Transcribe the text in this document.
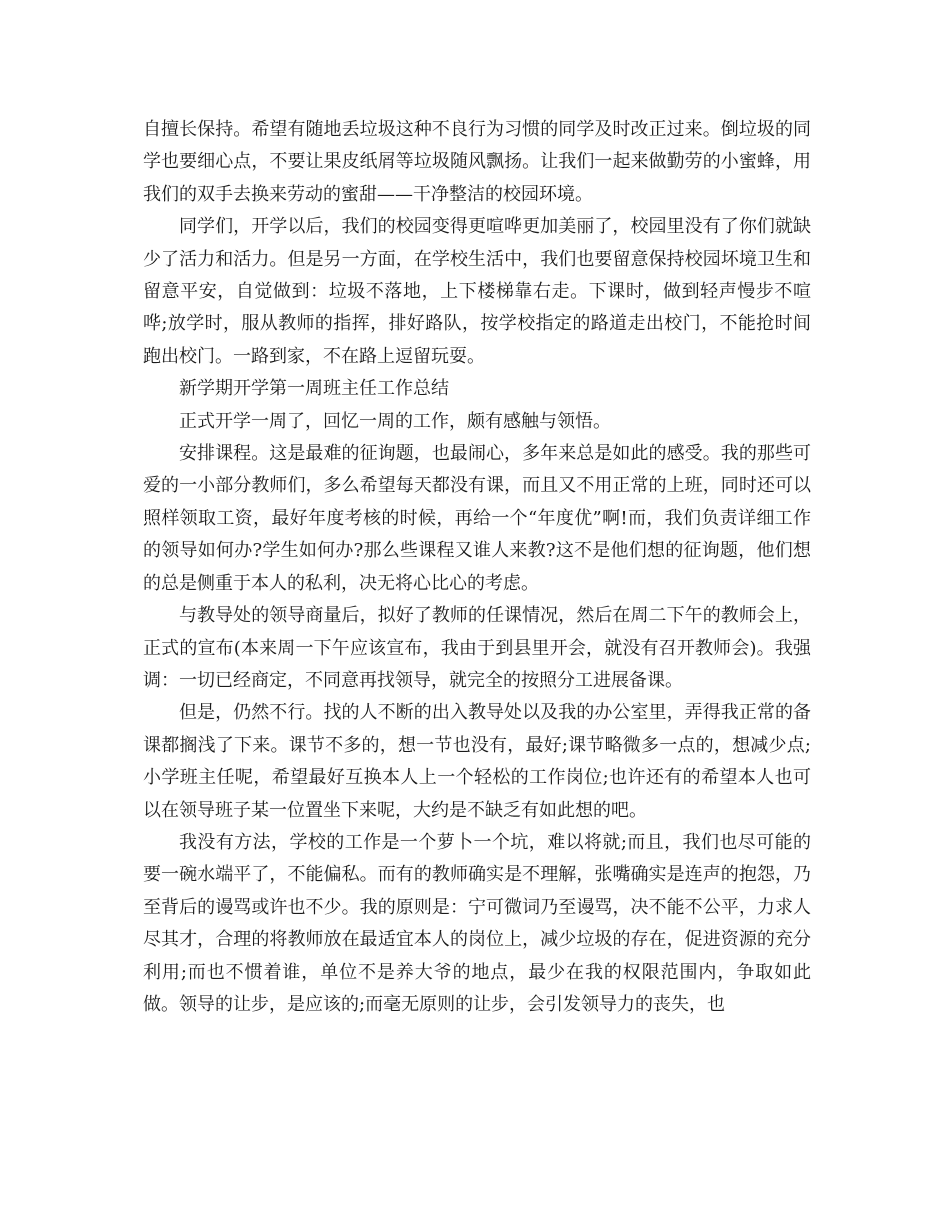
自擅长保持。希望有随地丢垃圾这种不良行为习惯的同学及时改正过来。倒垃圾的同学也要细心点，不要让果皮纸屑等垃圾随风飘扬。让我们一起来做勤劳的小蜜蜂，用我们的双手去换来劳动的蜜甜——干净整洁的校园环境。

同学们，开学以后，我们的校园变得更喧哗更加美丽了，校园里没有了你们就缺少了活力和活力。但是另一方面，在学校生活中，我们也要留意保持校园坏境卫生和留意平安，自觉做到：垃圾不落地，上下楼梯靠右走。下课时，做到轻声慢步不喧哗;放学时，服从教师的指挥，排好路队，按学校指定的路道走出校门，不能抢时间跑出校门。一路到家，不在路上逗留玩耍。

新学期开学第一周班主任工作总结

正式开学一周了，回忆一周的工作，颇有感触与领悟。

安排课程。这是最难的征询题，也最闹心，多年来总是如此的感受。我的那些可爱的一小部分教师们，多么希望每天都没有课，而且又不用正常的上班，同时还可以照样领取工资，最好年度考核的时候，再给一个“年度优”啊!而，我们负责详细工作的领导如何办?学生如何办?那么些课程又谁人来教?这不是他们想的征询题，他们想的总是侧重于本人的私利，决无将心比心的考虑。

与教导处的领导商量后，拟好了教师的任课情况，然后在周二下午的教师会上，正式的宣布(本来周一下午应该宣布，我由于到县里开会，就没有召开教师会)。我强调：一切已经商定，不同意再找领导，就完全的按照分工进展备课。

但是，仍然不行。找的人不断的出入教导处以及我的办公室里，弄得我正常的备课都搁浅了下来。课节不多的，想一节也没有，最好;课节略微多一点的，想减少点;小学班主任呢，希望最好互换本人上一个轻松的工作岗位;也许还有的希望本人也可以在领导班子某一位置坐下来呢，大约是不缺乏有如此想的吧。

我没有方法，学校的工作是一个萝卜一个坑，难以将就;而且，我们也尽可能的要一碗水端平了，不能偏私。而有的教师确实是不理解，张嘴确实是连声的抱怨，乃至背后的谩骂或许也不少。我的原则是：宁可微词乃至谩骂，决不能不公平，力求人尽其才，合理的将教师放在最适宜本人的岗位上，减少垃圾的存在，促进资源的充分利用;而也不惯着谁，单位不是养大爷的地点，最少在我的权限范围内，争取如此做。领导的让步，是应该的;而毫无原则的让步，会引发领导力的丧失，也
